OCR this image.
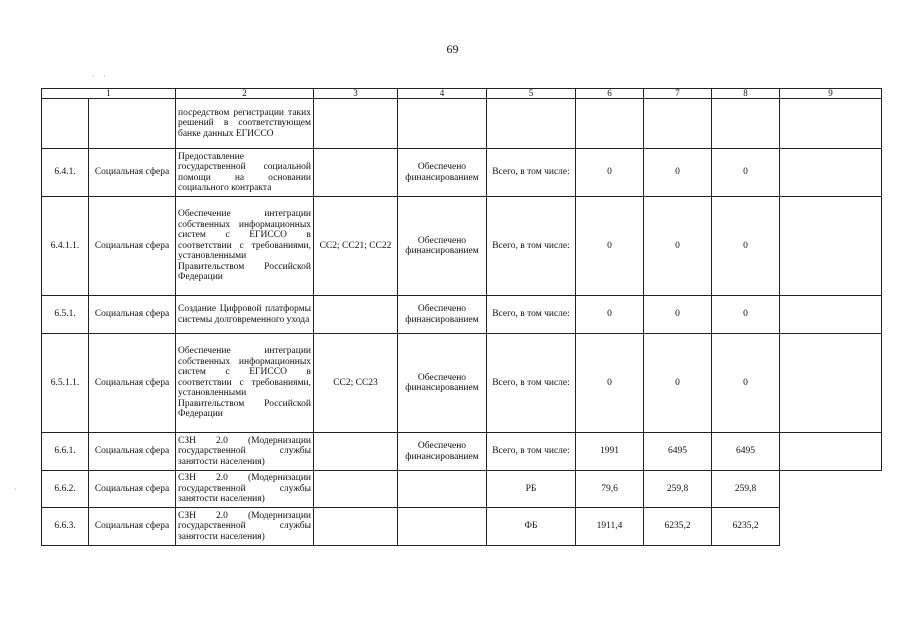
69
· ·
·
1		2	3	4	5	6	7	8	9
		посредством регистрации таких решений в соответствующем банке данных ЕГИССО							
6.4.1.	Социальная сфера	Предоставление государственной социальной помощи на основании социального контракта		Обеспечено финансированием	Всего, в том числе:	0	0	0	
6.4.1.1.	Социальная сфера	Обеспечение интеграции собственных информационных систем с ЕГИССО в соответствии с требованиями, установленными Правительством Российской Федерации	СС2; СС21; СС22	Обеспечено финансированием	Всего, в том числе:	0	0	0	
6.5.1.	Социальная сфера	Создание Цифровой платформы системы долговременного ухода		Обеспечено финансированием	Всего, в том числе:	0	0	0	
6.5.1.1.	Социальная сфера	Обеспечение интеграции собственных информационных систем с ЕГИССО в соответствии с требованиями, установленными Правительством Российской Федерации	СС2; СС23	Обеспечено финансированием	Всего, в том числе:	0	0	0	
6.6.1.	Социальная сфера	СЗН 2.0 (Модернизации государственной службы занятости населения)		Обеспечено финансированием	Всего, в том числе:	1991	6495	6495	
6.6.2.	Социальная сфера	СЗН 2.0 (Модернизации государственной службы занятости населения)			РБ	79,6	259,8	259,8	
6.6.3.	Социальная сфера	СЗН 2.0 (Модернизации государственной службы занятости населения)			ФБ	1911,4	6235,2	6235,2	
